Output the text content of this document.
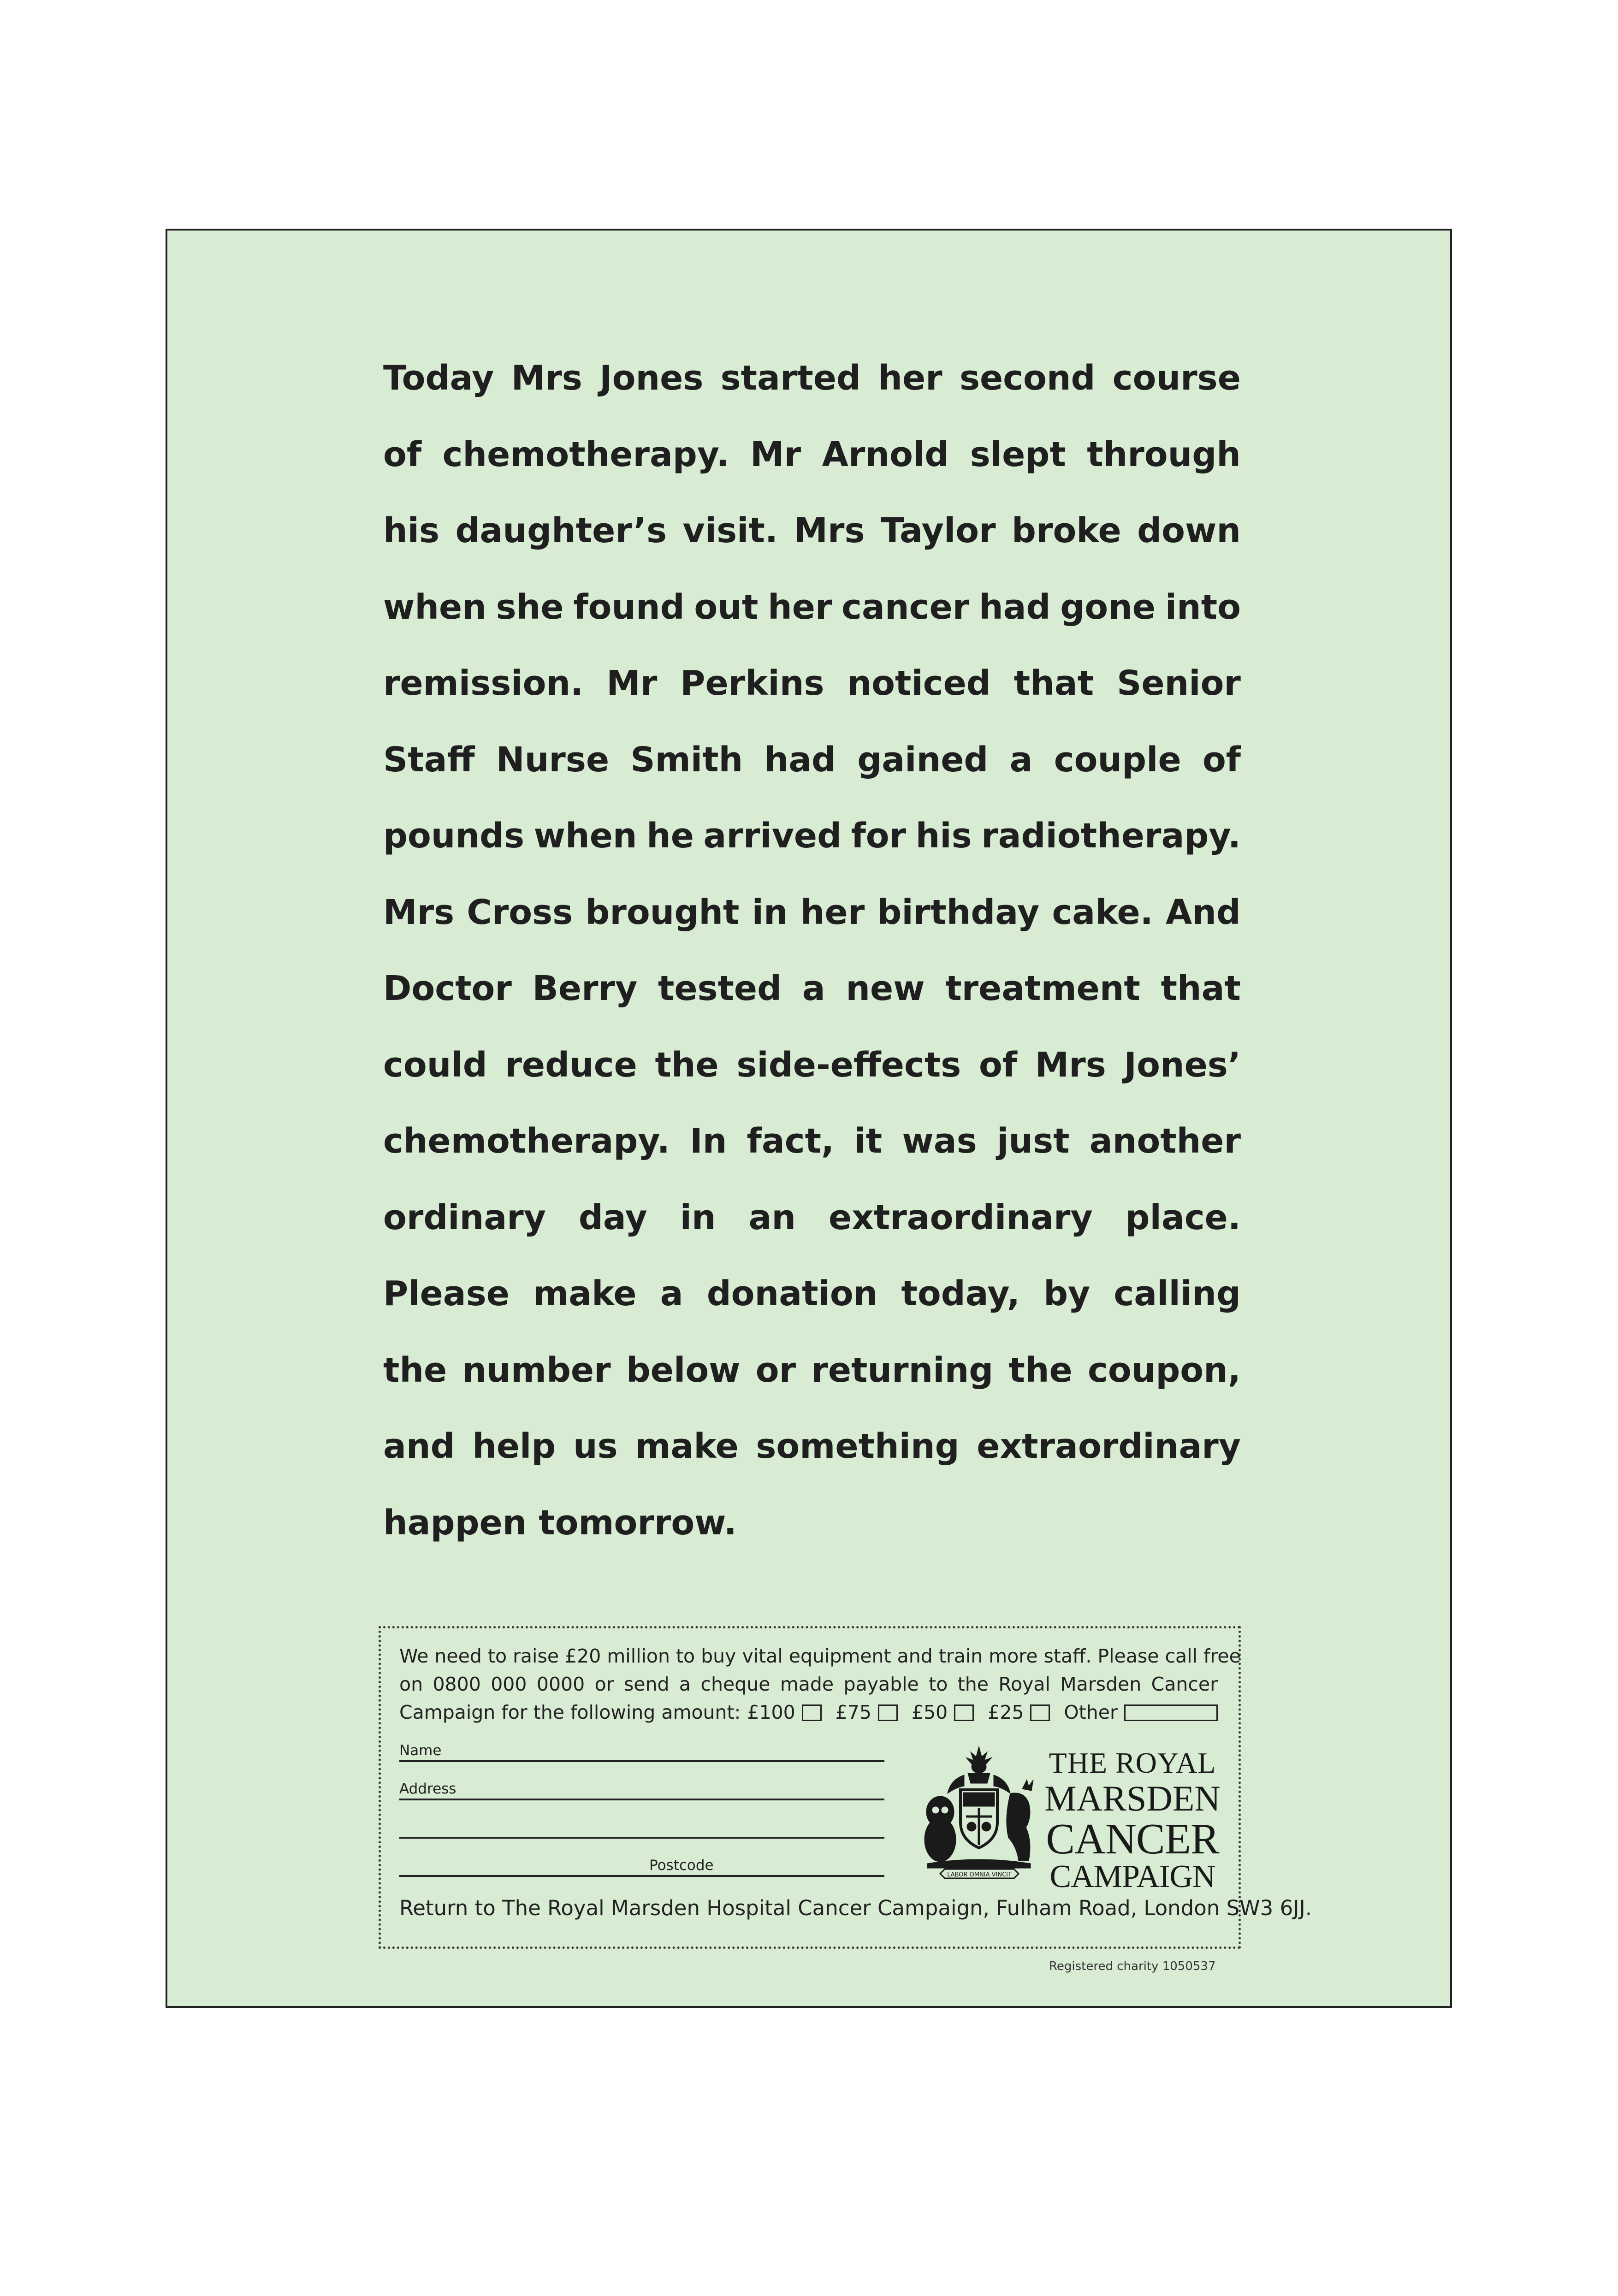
Today Mrs Jones started her second course
of chemotherapy. Mr Arnold slept through
his daughter’s visit. Mrs Taylor broke down
when she found out her cancer had gone into
remission. Mr Perkins noticed that Senior
Staff Nurse Smith had gained a couple of
pounds when he arrived for his radiotherapy.
Mrs Cross brought in her birthday cake. And
Doctor Berry tested a new treatment that
could reduce the side-effects of Mrs Jones’
chemotherapy. In fact, it was just another
ordinary day in an extraordinary place.
Please make a donation today, by calling
the number below or returning the coupon,
and help us make something extraordinary
happen tomorrow.
We need to raise £20 million to buy vital equipment and train more staff. Please call free
on 0800 000 0000 or send a cheque made payable to the Royal Marsden Cancer
Campaign for the following amount: £100 £75 £50 £25 Other
Name
Address
Postcode
LABOR OMNIA VINCIT
THE ROYAL
MARSDEN
CANCER
CAMPAIGN
Return to The Royal Marsden Hospital Cancer Campaign, Fulham Road, London SW3 6JJ.
Registered charity 1050537
